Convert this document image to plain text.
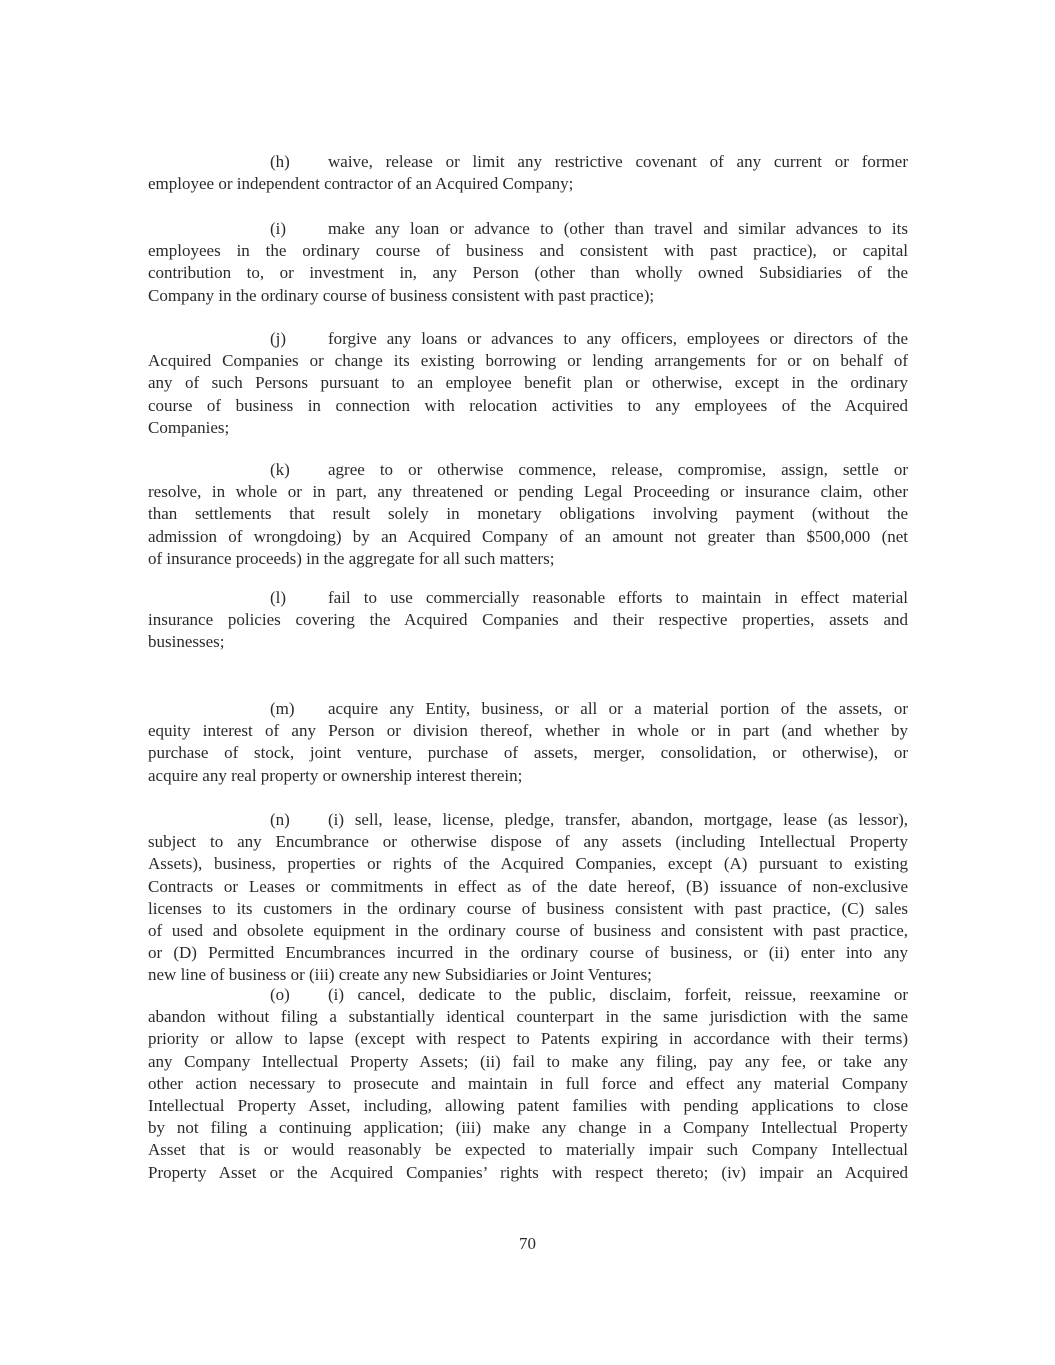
(h) waive, release or limit any restrictive covenant of any current or former
employee or independent contractor of an Acquired Company;
(i) make any loan or advance to (other than travel and similar advances to its
employees in the ordinary course of business and consistent with past practice), or capital
contribution to, or investment in, any Person (other than wholly owned Subsidiaries of the
Company in the ordinary course of business consistent with past practice);
(j) forgive any loans or advances to any officers, employees or directors of the
Acquired Companies or change its existing borrowing or lending arrangements for or on behalf of
any of such Persons pursuant to an employee benefit plan or otherwise, except in the ordinary
course of business in connection with relocation activities to any employees of the Acquired
Companies;
(k) agree to or otherwise commence, release, compromise, assign, settle or
resolve, in whole or in part, any threatened or pending Legal Proceeding or insurance claim, other
than settlements that result solely in monetary obligations involving payment (without the
admission of wrongdoing) by an Acquired Company of an amount not greater than $500,000 (net
of insurance proceeds) in the aggregate for all such matters;
(l) fail to use commercially reasonable efforts to maintain in effect material
insurance policies covering the Acquired Companies and their respective properties, assets and
businesses;
(m) acquire any Entity, business, or all or a material portion of the assets, or
equity interest of any Person or division thereof, whether in whole or in part (and whether by
purchase of stock, joint venture, purchase of assets, merger, consolidation, or otherwise), or
acquire any real property or ownership interest therein;
(n) (i) sell, lease, license, pledge, transfer, abandon, mortgage, lease (as lessor),
subject to any Encumbrance or otherwise dispose of any assets (including Intellectual Property
Assets), business, properties or rights of the Acquired Companies, except (A) pursuant to existing
Contracts or Leases or commitments in effect as of the date hereof, (B) issuance of non-exclusive
licenses to its customers in the ordinary course of business consistent with past practice, (C) sales
of used and obsolete equipment in the ordinary course of business and consistent with past practice,
or (D) Permitted Encumbrances incurred in the ordinary course of business, or (ii) enter into any
new line of business or (iii) create any new Subsidiaries or Joint Ventures;
(o) (i) cancel, dedicate to the public, disclaim, forfeit, reissue, reexamine or
abandon without filing a substantially identical counterpart in the same jurisdiction with the same
priority or allow to lapse (except with respect to Patents expiring in accordance with their terms)
any Company Intellectual Property Assets; (ii) fail to make any filing, pay any fee, or take any
other action necessary to prosecute and maintain in full force and effect any material Company
Intellectual Property Asset, including, allowing patent families with pending applications to close
by not filing a continuing application; (iii) make any change in a Company Intellectual Property
Asset that is or would reasonably be expected to materially impair such Company Intellectual
Property Asset or the Acquired Companies’ rights with respect thereto; (iv) impair an Acquired
70
